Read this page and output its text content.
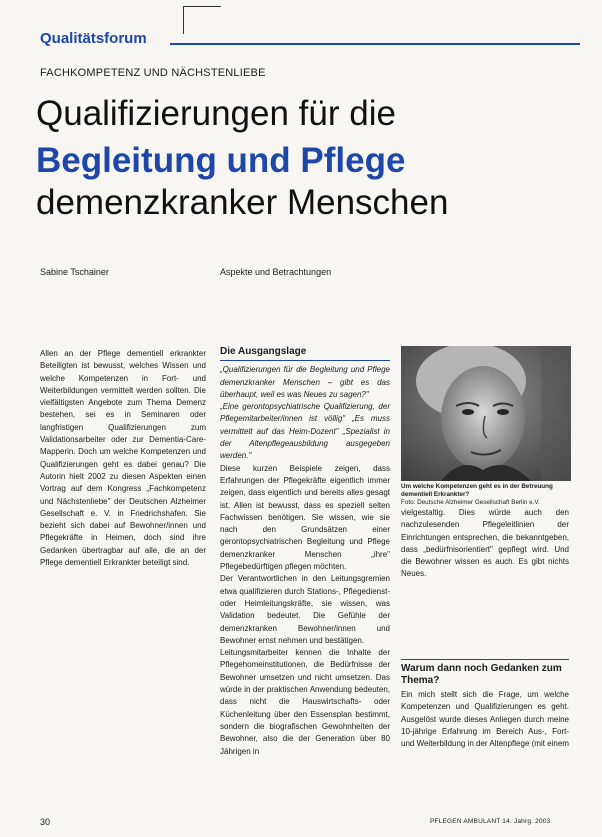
Qualitätsforum
FACHKOMPETENZ UND NÄCHSTENLIEBE
Qualifizierungen für die
Begleitung und Pflege
demenzkranker Menschen
Sabine Tschainer	Aspekte und Betrachtungen

Allen an der Pflege dementiell erkrankter Beteiligten ist bewusst, welches Wissen und welche Kompetenzen in Fort- und Weiterbildungen vermittelt werden sollten. Die vielfältigsten Angebote zum Thema Demenz bestehen, sei es in Seminaren oder langfristigen Qualifizierungen zum Validationsarbeiter oder zur Dementia-Care-Mapperin. Doch um welche Kompetenzen und Qualifizierungen geht es dabei genau? Die Autorin hielt 2002 zu diesen Aspekten einen Vortrag auf dem Kongress „Fachkompetenz und Nächstenliebe" der Deutschen Alzheimer Gesellschaft e. V. in Friedrichshafen. Sie bezieht sich dabei auf Bewohner/innen und Pflegekräfte in Heimen, doch sind ihre Gedanken übertragbar auf alle, die an der Pflege dementiell Erkrankter beteiligt sind.

Die Ausgangslage

„Qualifizierungen für die Begleitung und Pflege demenzkranker Menschen – gibt es das überhaupt, weil es was Neues zu sagen?"

„Eine gerontopsychiatrische Qualifizierung, der Pflegemitarbeiter/innen ist völlig" „Es muss vermittelt auf das Heim-Dozent" „Spezialist in der Altenpflegeausbildung ausgegeben werden."

Diese kurzen Beispiele zeigen, dass Erfahrungen der Pflegekräfte eigentlich immer zeigen, dass eigentlich und bereits alles gesagt ist. Allen ist bewusst, dass es speziell selten Fachwissen benötigen. Sie wissen, wie sie nach den Grundsätzen einer gerontopsychiatrischen Begleitung und Pflege demenzkranker Menschen „ihre" Pflegebedürftigen pflegen möchten.

Der Verantwortlichen in den Leitungsgremien etwa qualifizieren durch Stations-, Pflegedienst- oder Heimleitungskräfte, sie wissen, was Validation bedeutet. Die Gefühle der demenzkranken Bewohner/innen und Bewohner ernst nehmen und bestätigen.

Leitungsmitarbeiter kennen die Inhalte der Pflegehomeinstitutionen, die Bedürfnisse der Bewohner umsetzen und nicht umsetzen. Das würde in der praktischen Anwendung bedeuten, dass nicht die Hauswirtschafts- oder Küchenleitung über den Essensplan bestimmt, sondern die biografischen Gewohnheiten der Bewohner, also die der Generation über 80 Jährigen in

Um welche Kompetenzen geht es in der Betreuung dementiell Erkrankter?
Foto: Deutsche Alzheimer Gesellschaft Berlin e.V.

vielgestaltig. Dies würde auch den nachzulesenden Pflegeleitlinien der Einrichtungen entsprechen, die bekanntgeben, dass „bedürfnisorientiert" gepflegt wird. Und die Bewohner wissen es auch. Es gibt nichts Neues.

Warum dann noch Gedanken zum Thema?

Ein mich stellt sich die Frage, um welche Kompetenzen und Qualifizierungen es geht. Ausgelöst wurde dieses Anliegen durch meine 10-jährige Erfahrung im Bereich Aus-, Fort- und Weiterbildung in der Altenpflege (mit einem

30	PFLEGEN AMBULANT 14. Jahrg. 2003
